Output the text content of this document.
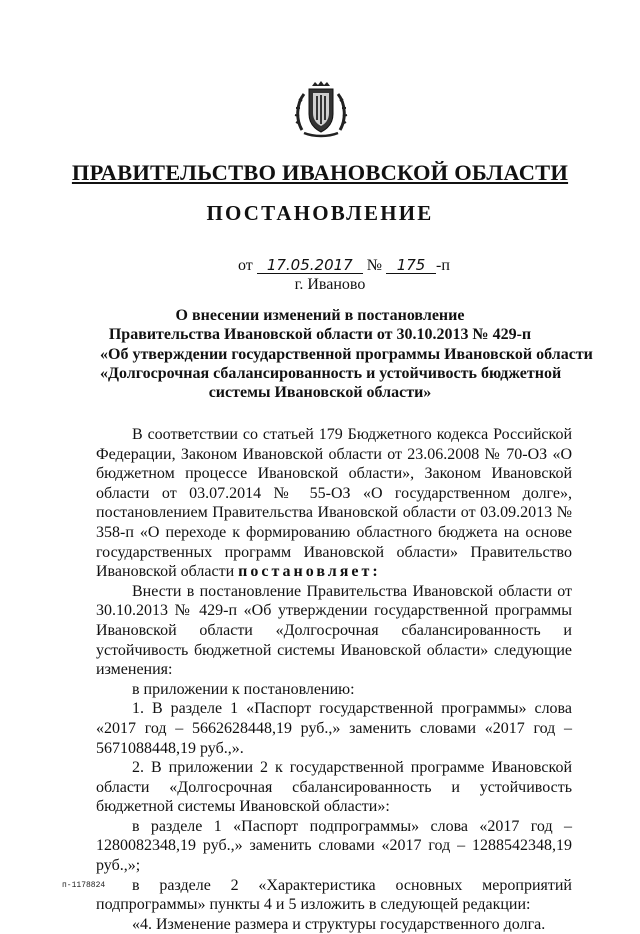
ПРАВИТЕЛЬСТВО ИВАНОВСКОЙ ОБЛАСТИ
ПОСТАНОВЛЕНИЕ
от 17.05.2017 № 175 -п
г. Иваново
О внесении изменений в постановление
Правительства Ивановской области от 30.10.2013 № 429-п
«Об утверждении государственной программы Ивановской области
«Долгосрочная сбалансированность и устойчивость бюджетной
системы Ивановской области»

В соответствии со статьей 179 Бюджетного кодекса Российской Федерации, Законом Ивановской области от 23.06.2008 № 70-ОЗ «О бюджетном процессе Ивановской области», Законом Ивановской области от 03.07.2014 № 55-ОЗ «О государственном долге», постановлением Правительства Ивановской области от 03.09.2013 № 358-п «О переходе к формированию областного бюджета на основе государственных программ Ивановской области» Правительство Ивановской области постановляет:

Внести в постановление Правительства Ивановской области от 30.10.2013 № 429-п «Об утверждении государственной программы Ивановской области «Долгосрочная сбалансированность и устойчивость бюджетной системы Ивановской области» следующие изменения:

в приложении к постановлению:

1. В разделе 1 «Паспорт государственной программы» слова «2017 год – 5662628448,19 руб.,» заменить словами «2017 год – 5671088448,19 руб.,».

2. В приложении 2 к государственной программе Ивановской области «Долгосрочная сбалансированность и устойчивость бюджетной системы Ивановской области»:

в разделе 1 «Паспорт подпрограммы» слова «2017 год – 1280082348,19 руб.,» заменить словами «2017 год – 1288542348,19 руб.,»;

в разделе 2 «Характеристика основных мероприятий подпрограммы» пункты 4 и 5 изложить в следующей редакции:

«4. Изменение размера и структуры государственного долга.

п-1178824
